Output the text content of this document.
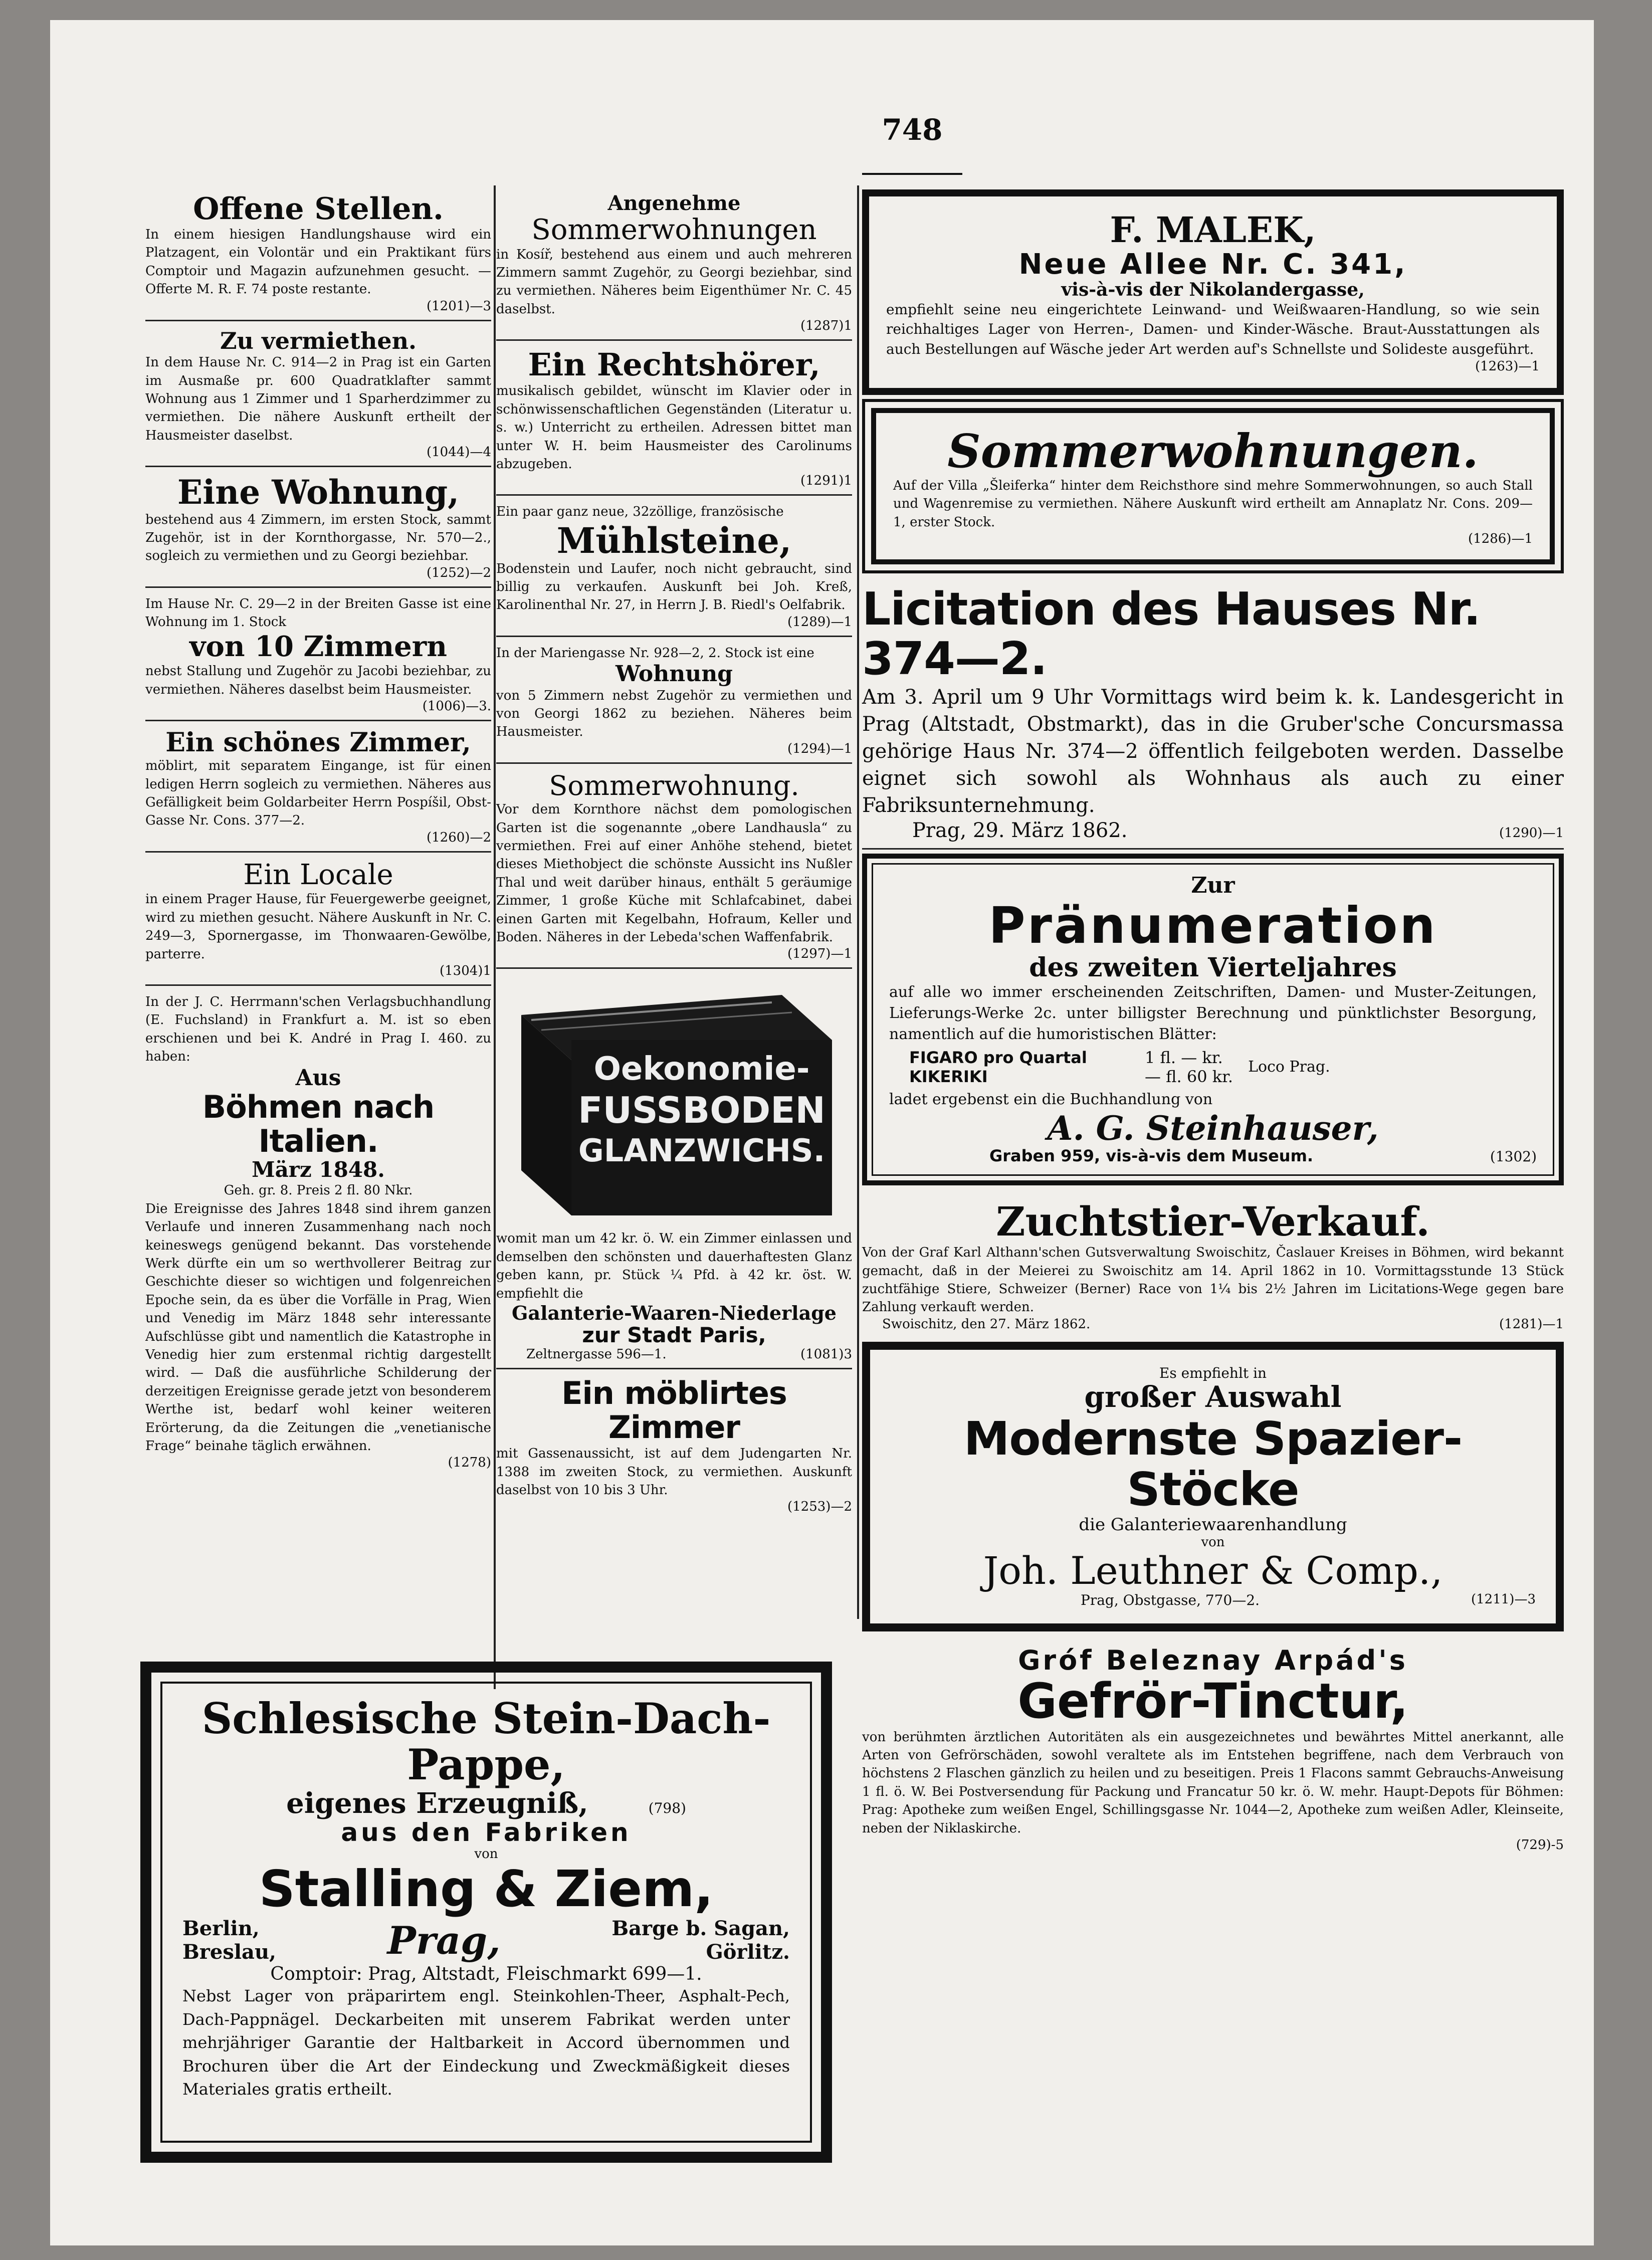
748
Offene Stellen.
In einem hiesigen Handlungshause wird ein Platzagent, ein Volontär und ein Praktikant fürs Comptoir und Magazin aufzunehmen gesucht. — Offerte M. R. F. 74 poste restante.
(1201)—3
Zu vermiethen.
In dem Hause Nr. C. 914—2 in Prag ist ein Garten im Ausmaße pr. 600 Quadratklafter sammt Wohnung aus 1 Zimmer und 1 Sparherdzimmer zu vermiethen. Die nähere Auskunft ertheilt der Hausmeister daselbst.
(1044)—4
Eine Wohnung,
bestehend aus 4 Zimmern, im ersten Stock, sammt Zugehör, ist in der Kornthorgasse, Nr. 570—2., sogleich zu vermiethen und zu Georgi beziehbar.
(1252)—2
Im Hause Nr. C. 29—2 in der Breiten Gasse ist eine Wohnung im 1. Stock
von 10 Zimmern
nebst Stallung und Zugehör zu Jacobi beziehbar, zu vermiethen. Näheres daselbst beim Hausmeister.
(1006)—3.
Ein schönes Zimmer,
möblirt, mit separatem Eingange, ist für einen ledigen Herrn sogleich zu vermiethen. Näheres aus Gefälligkeit beim Goldarbeiter Herrn Pospíšil, Obst-Gasse Nr. Cons. 377—2.
(1260)—2
Ein Locale
in einem Prager Hause, für Feuergewerbe geeignet, wird zu miethen gesucht. Nähere Auskunft in Nr. C. 249—3, Spornergasse, im Thonwaaren-Gewölbe, parterre.
(1304)1
In der J. C. Herrmann'schen Verlagsbuchhandlung (E. Fuchsland) in Frankfurt a. M. ist so eben erschienen und bei K. André in Prag I. 460. zu haben:
Aus
Böhmen nach Italien.
März 1848.
Geh. gr. 8. Preis 2 fl. 80 Nkr.
Die Ereignisse des Jahres 1848 sind ihrem ganzen Verlaufe und inneren Zusammenhang nach noch keineswegs genügend bekannt. Das vorstehende Werk dürfte ein um so werthvollerer Beitrag zur Geschichte dieser so wichtigen und folgenreichen Epoche sein, da es über die Vorfälle in Prag, Wien und Venedig im März 1848 sehr interessante Aufschlüsse gibt und namentlich die Katastrophe in Venedig hier zum erstenmal richtig dargestellt wird. — Daß die ausführliche Schilderung der derzeitigen Ereignisse gerade jetzt von besonderem Werthe ist, bedarf wohl keiner weiteren Erörterung, da die Zeitungen die „venetianische Frage“ beinahe täglich erwähnen.
(1278)
Angenehme
Sommerwohnungen
in Kosíř, bestehend aus einem und auch mehreren Zimmern sammt Zugehör, zu Georgi beziehbar, sind zu vermiethen. Näheres beim Eigenthümer Nr. C. 45 daselbst.
(1287)1
Ein Rechtshörer,
musikalisch gebildet, wünscht im Klavier oder in schönwissenschaftlichen Gegenständen (Literatur u. s. w.) Unterricht zu ertheilen. Adressen bittet man unter W. H. beim Hausmeister des Carolinums abzugeben.
(1291)1
Ein paar ganz neue, 32zöllige, französische
Mühlsteine,
Bodenstein und Laufer, noch nicht gebraucht, sind billig zu verkaufen. Auskunft bei Joh. Kreß, Karolinenthal Nr. 27, in Herrn J. B. Riedl's Oelfabrik.
(1289)—1
In der Mariengasse Nr. 928—2, 2. Stock ist eine
Wohnung
von 5 Zimmern nebst Zugehör zu vermiethen und von Georgi 1862 zu beziehen. Näheres beim Hausmeister.
(1294)—1
Sommerwohnung.
Vor dem Kornthore nächst dem pomologischen Garten ist die sogenannte „obere Landhausla“ zu vermiethen. Frei auf einer Anhöhe stehend, bietet dieses Miethobject die schönste Aussicht ins Nußler Thal und weit darüber hinaus, enthält 5 geräumige Zimmer, 1 große Küche mit Schlafcabinet, dabei einen Garten mit Kegelbahn, Hofraum, Keller und Boden. Näheres in der Lebeda'schen Waffenfabrik.
(1297)—1
Oekonomie-
FUSSBODEN
GLANZWICHS.
womit man um 42 kr. ö. W. ein Zimmer einlassen und demselben den schönsten und dauerhaftesten Glanz geben kann, pr. Stück ¼ Pfd. à 42 kr. öst. W. empfiehlt die
Galanterie-Waaren-Niederlage
zur Stadt Paris,
Zeltnergasse 596—1.	(1081)3
Ein möblirtes Zimmer
mit Gassenaussicht, ist auf dem Judengarten Nr. 1388 im zweiten Stock, zu vermiethen. Auskunft daselbst von 10 bis 3 Uhr.
(1253)—2
Schlesische Stein-Dach-Pappe,
eigenes Erzeugniß,	(798)
aus den Fabriken
von
Stalling & Ziem,
Berlin,
Breslau,	Prag,	Barge b. Sagan,
Görlitz.
Comptoir: Prag, Altstadt, Fleischmarkt 699—1.
Nebst Lager von präparirtem engl. Steinkohlen-Theer, Asphalt-Pech, Dach-Pappnägel. Deckarbeiten mit unserem Fabrikat werden unter mehrjähriger Garantie der Haltbarkeit in Accord übernommen und Brochuren über die Art der Eindeckung und Zweckmäßigkeit dieses Materiales gratis ertheilt.
F. MALEK,
Neue Allee Nr. C. 341,
vis-à-vis der Nikolandergasse,
empfiehlt seine neu eingerichtete Leinwand- und Weißwaaren-Handlung, so wie sein reichhaltiges Lager von Herren-, Damen- und Kinder-Wäsche. Braut-Ausstattungen als auch Bestellungen auf Wäsche jeder Art werden auf's Schnellste und Solideste ausgeführt.
(1263)—1
Sommerwohnungen.
Auf der Villa „Šleiferka“ hinter dem Reichsthore sind mehre Sommerwohnungen, so auch Stall und Wagenremise zu vermiethen. Nähere Auskunft wird ertheilt am Annaplatz Nr. Cons. 209—1, erster Stock.
(1286)—1
Licitation des Hauses Nr. 374—2.
Am 3. April um 9 Uhr Vormittags wird beim k. k. Landesgericht in Prag (Altstadt, Obstmarkt), das in die Gruber'sche Concursmassa gehörige Haus Nr. 374—2 öffentlich feilgeboten werden. Dasselbe eignet sich sowohl als Wohnhaus als auch zu einer Fabriksunternehmung.
Prag, 29. März 1862.	(1290)—1
Zur
Pränumeration
des zweiten Vierteljahres
auf alle wo immer erscheinenden Zeitschriften, Damen- und Muster-Zeitungen, Lieferungs-Werke 2c. unter billigster Berechnung und pünktlichster Besorgung, namentlich auf die humoristischen Blätter:
FIGARO pro Quartal	1 fl. — kr.
KIKERIKI	— fl. 60 kr. Loco Prag.
ladet ergebenst ein die Buchhandlung von
A. G. Steinhauser,
Graben 959, vis-à-vis dem Museum.	(1302)
Zuchtstier-Verkauf.
Von der Graf Karl Althann'schen Gutsverwaltung Swoischitz, Časlauer Kreises in Böhmen, wird bekannt gemacht, daß in der Meierei zu Swoischitz am 14. April 1862 in 10. Vormittagsstunde 13 Stück zuchtfähige Stiere, Schweizer (Berner) Race von 1¼ bis 2½ Jahren im Licitations-Wege gegen bare Zahlung verkauft werden.
Swoischitz, den 27. März 1862.	(1281)—1
Es empfiehlt in
großer Auswahl
Modernste Spazier-Stöcke
die Galanteriewaarenhandlung
von
Joh. Leuthner & Comp.,
Prag, Obstgasse, 770—2.	(1211)—3
Gróf Beleznay Arpád's
Gefrör-Tinctur,
von berühmten ärztlichen Autoritäten als ein ausgezeichnetes und bewährtes Mittel anerkannt, alle Arten von Gefrörschäden, sowohl veraltete als im Entstehen begriffene, nach dem Verbrauch von höchstens 2 Flaschen gänzlich zu heilen und zu beseitigen. Preis 1 Flacons sammt Gebrauchs-Anweisung 1 fl. ö. W. Bei Postversendung für Packung und Francatur 50 kr. ö. W. mehr. Haupt-Depots für Böhmen: Prag: Apotheke zum weißen Engel, Schillingsgasse Nr. 1044—2, Apotheke zum weißen Adler, Kleinseite, neben der Niklaskirche.
(729)-5
